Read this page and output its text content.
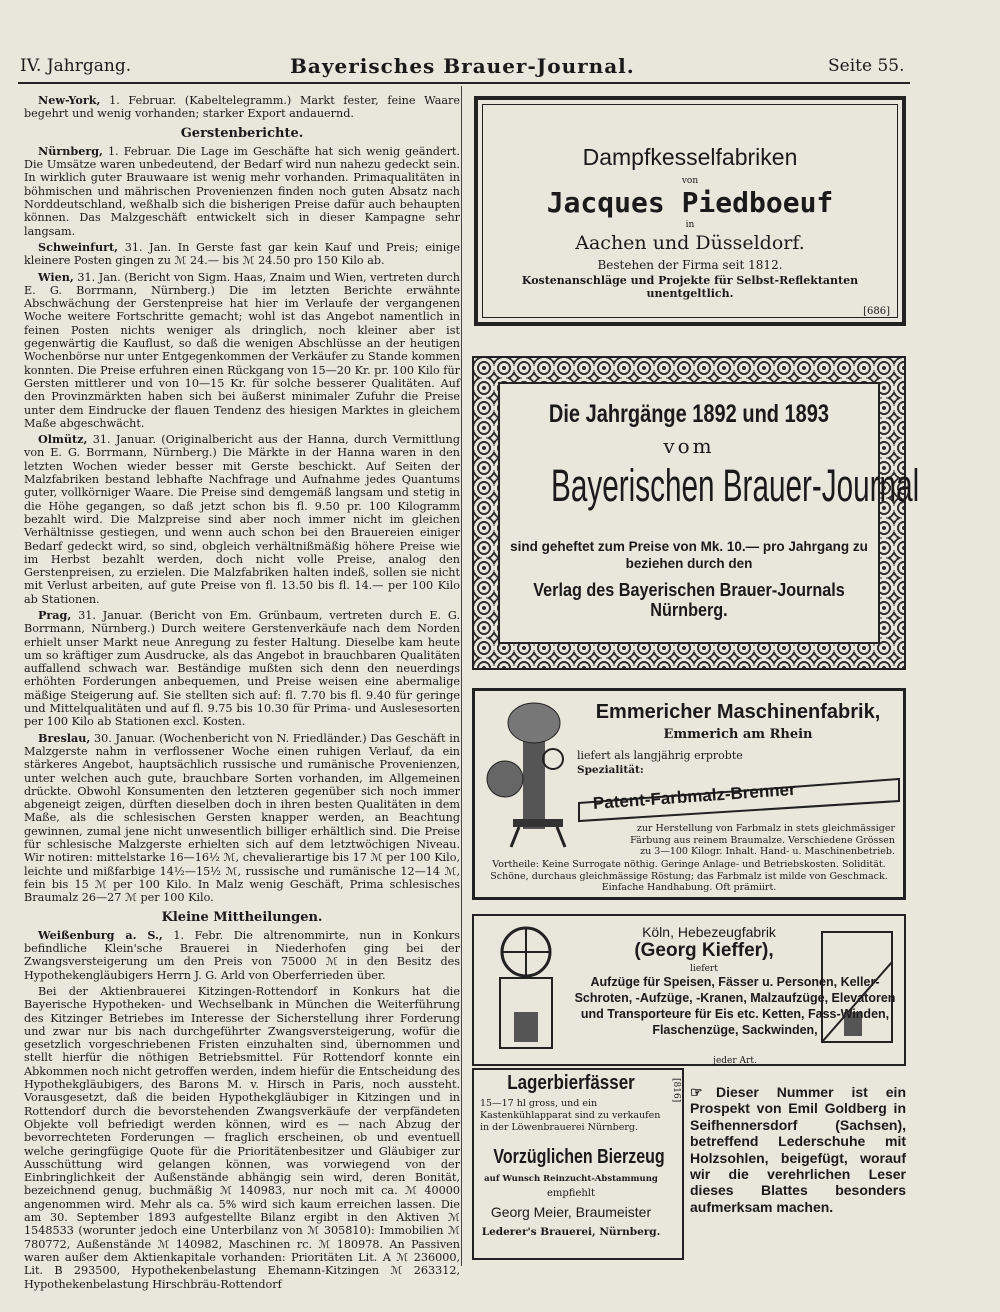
IV. Jahrgang.	Bayerisches Brauer-Journal.	Seite 55.

New-York, 1. Februar. (Kabeltelegramm.) Markt fester, feine Waare begehrt und wenig vorhanden; starker Export andauernd.

Gerstenberichte.

Nürnberg, 1. Februar. Die Lage im Geschäfte hat sich wenig geändert. Die Umsätze waren unbedeutend, der Bedarf wird nun nahezu gedeckt sein. In wirklich guter Brauwaare ist wenig mehr vorhanden. Primaqualitäten in böhmischen und mährischen Provenienzen finden noch guten Absatz nach Norddeutschland, weßhalb sich die bisherigen Preise dafür auch behaupten können. Das Malzgeschäft entwickelt sich in dieser Kampagne sehr langsam.

Schweinfurt, 31. Jan. In Gerste fast gar kein Kauf und Preis; einige kleinere Posten gingen zu ℳ 24.— bis ℳ 24.50 pro 150 Kilo ab.

Wien, 31. Jan. (Bericht von Sigm. Haas, Znaim und Wien, vertreten durch E. G. Borrmann, Nürnberg.) Die im letzten Berichte erwähnte Abschwächung der Gerstenpreise hat hier im Verlaufe der vergangenen Woche weitere Fortschritte gemacht; wohl ist das Angebot namentlich in feinen Posten nichts weniger als dringlich, noch kleiner aber ist gegenwärtig die Kauflust, so daß die wenigen Abschlüsse an der heutigen Wochenbörse nur unter Entgegenkommen der Verkäufer zu Stande kommen konnten. Die Preise erfuhren einen Rückgang von 15—20 Kr. pr. 100 Kilo für Gersten mittlerer und von 10—15 Kr. für solche besserer Qualitäten. Auf den Provinzmärkten haben sich bei äußerst minimaler Zufuhr die Preise unter dem Eindrucke der flauen Tendenz des hiesigen Marktes in gleichem Maße abgeschwächt.

Olmütz, 31. Januar. (Originalbericht aus der Hanna, durch Vermittlung von E. G. Borrmann, Nürnberg.) Die Märkte in der Hanna waren in den letzten Wochen wieder besser mit Gerste beschickt. Auf Seiten der Malzfabriken bestand lebhafte Nachfrage und Aufnahme jedes Quantums guter, vollkörniger Waare. Die Preise sind demgemäß langsam und stetig in die Höhe gegangen, so daß jetzt schon bis fl. 9.50 pr. 100 Kilogramm bezahlt wird. Die Malzpreise sind aber noch immer nicht im gleichen Verhältnisse gestiegen, und wenn auch schon bei den Brauereien einiger Bedarf gedeckt wird, so sind, obgleich verhältnißmäßig höhere Preise wie im Herbst bezahlt werden, doch nicht volle Preise, analog den Gerstenpreisen, zu erzielen. Die Malzfabriken halten indeß, sollen sie nicht mit Verlust arbeiten, auf gute Preise von fl. 13.50 bis fl. 14.— per 100 Kilo ab Stationen.

Prag, 31. Januar. (Bericht von Em. Grünbaum, vertreten durch E. G. Borrmann, Nürnberg.) Durch weitere Gerstenverkäufe nach dem Norden erhielt unser Markt neue Anregung zu fester Haltung. Dieselbe kam heute um so kräftiger zum Ausdrucke, als das Angebot in brauchbaren Qualitäten auffallend schwach war. Beständige mußten sich denn den neuerdings erhöhten Forderungen anbequemen, und Preise weisen eine abermalige mäßige Steigerung auf. Sie stellten sich auf: fl. 7.70 bis fl. 9.40 für geringe und Mittelqualitäten und auf fl. 9.75 bis 10.30 für Prima- und Auslesesorten per 100 Kilo ab Stationen excl. Kosten.

Breslau, 30. Januar. (Wochenbericht von N. Friedländer.) Das Geschäft in Malzgerste nahm in verflossener Woche einen ruhigen Verlauf, da ein stärkeres Angebot, hauptsächlich russische und rumänische Provenienzen, unter welchen auch gute, brauchbare Sorten vorhanden, im Allgemeinen drückte. Obwohl Konsumenten den letzteren gegenüber sich noch immer abgeneigt zeigen, dürften dieselben doch in ihren besten Qualitäten in dem Maße, als die schlesischen Gersten knapper werden, an Beachtung gewinnen, zumal jene nicht unwesentlich billiger erhältlich sind. Die Preise für schlesische Malzgerste erhielten sich auf dem letztwöchigen Niveau. Wir notiren: mittelstarke 16—16½ ℳ, chevalierartige bis 17 ℳ per 100 Kilo, leichte und mißfarbige 14½—15½ ℳ, russische und rumänische 12—14 ℳ, fein bis 15 ℳ per 100 Kilo. In Malz wenig Geschäft, Prima schlesisches Braumalz 26—27 ℳ per 100 Kilo.

Kleine Mittheilungen.

Weißenburg a. S., 1. Febr. Die altrenommirte, nun in Konkurs befindliche Klein'sche Brauerei in Niederhofen ging bei der Zwangsversteigerung um den Preis von 75000 ℳ in den Besitz des Hypothekengläubigers Herrn J. G. Arld von Oberferrieden über.

Bei der Aktienbrauerei Kitzingen-Rottendorf in Konkurs hat die Bayerische Hypotheken- und Wechselbank in München die Weiterführung des Kitzinger Betriebes im Interesse der Sicherstellung ihrer Forderung und zwar nur bis nach durchgeführter Zwangsversteigerung, wofür die gesetzlich vorgeschriebenen Fristen einzuhalten sind, übernommen und stellt hierfür die nöthigen Betriebsmittel. Für Rottendorf konnte ein Abkommen noch nicht getroffen werden, indem hiefür die Entscheidung des Hypothekgläubigers, des Barons M. v. Hirsch in Paris, noch aussteht. Vorausgesetzt, daß die beiden Hypothekgläubiger in Kitzingen und in Rottendorf durch die bevorstehenden Zwangsverkäufe der verpfändeten Objekte voll befriedigt werden können, wird es — nach Abzug der bevorrechteten Forderungen — fraglich erscheinen, ob und eventuell welche geringfügige Quote für die Prioritätenbesitzer und Gläubiger zur Ausschüttung wird gelangen können, was vorwiegend von der Einbringlichkeit der Außenstände abhängig sein wird, deren Bonität, bezeichnend genug, buchmäßig ℳ 140983, nur noch mit ca. ℳ 40000 angenommen wird. Mehr als ca. 5% wird sich kaum erreichen lassen. Die am 30. September 1893 aufgestellte Bilanz ergibt in den Aktiven ℳ 1548533 (worunter jedoch eine Unterbilanz von ℳ 305810): Immobilien ℳ 780772, Außenstände ℳ 140982, Maschinen rc. ℳ 180978. An Passiven waren außer dem Aktienkapitale vorhanden: Prioritäten Lit. A ℳ 236000, Lit. B 293500, Hypothekenbelastung Ehemann-Kitzingen ℳ 263312, Hypothekenbelastung Hirschbräu-Rottendorf

Dampfkesselfabriken
von
Jacques Piedboeuf
in
Aachen und Düsseldorf.
Bestehen der Firma seit 1812.
Kostenanschläge und Projekte für Selbst-Reflektanten unentgeltlich.
[686]
Die Jahrgänge 1892 und 1893
vom
Bayerischen Brauer-Journal
sind geheftet zum Preise von Mk. 10.— pro Jahrgang zu beziehen durch den
Verlag des Bayerischen Brauer-Journals Nürnberg.
Emmericher Maschinenfabrik,
Emmerich am Rhein
liefert als langjährig erprobte
Spezialität:
Patent-Farbmalz-Brenner
zur Herstellung von Farbmalz in stets gleichmässiger Färbung aus reinem Braumalze. Verschiedene Grössen zu 3—100 Kilogr. Inhalt. Hand- u. Maschinenbetrieb.
Vortheile: Keine Surrogate nöthig. Geringe Anlage- und Betriebskosten. Solidität. Schöne, durchaus gleichmässige Röstung; das Farbmalz ist milde von Geschmack. Einfache Handhabung. Oft prämiirt.
Köln, Hebezeugfabrik
(Georg Kieffer),
liefert
Aufzüge für Speisen, Fässer u. Personen, Keller-Schroten, -Aufzüge, -Kranen, Malzaufzüge, Elevatoren und Transporteure für Eis etc. Ketten, Fass-Winden, Flaschenzüge, Sackwinden,
jeder Art.
Lagerbierfässer
15—17 hl gross, und ein Kastenkühlapparat sind zu verkaufen in der Löwenbrauerei Nürnberg.
Vorzüglichen Bierzeug
auf Wunsch Reinzucht-Abstammung
empfiehlt
Georg Meier, Braumeister
Lederer's Brauerei, Nürnberg.
[816] ☞ Dieser Nummer ist ein Prospekt von Emil Goldberg in Seifhennersdorf (Sachsen), betreffend Lederschuhe mit Holzsohlen, beigefügt, worauf wir die verehrlichen Leser dieses Blattes besonders aufmerksam machen.
